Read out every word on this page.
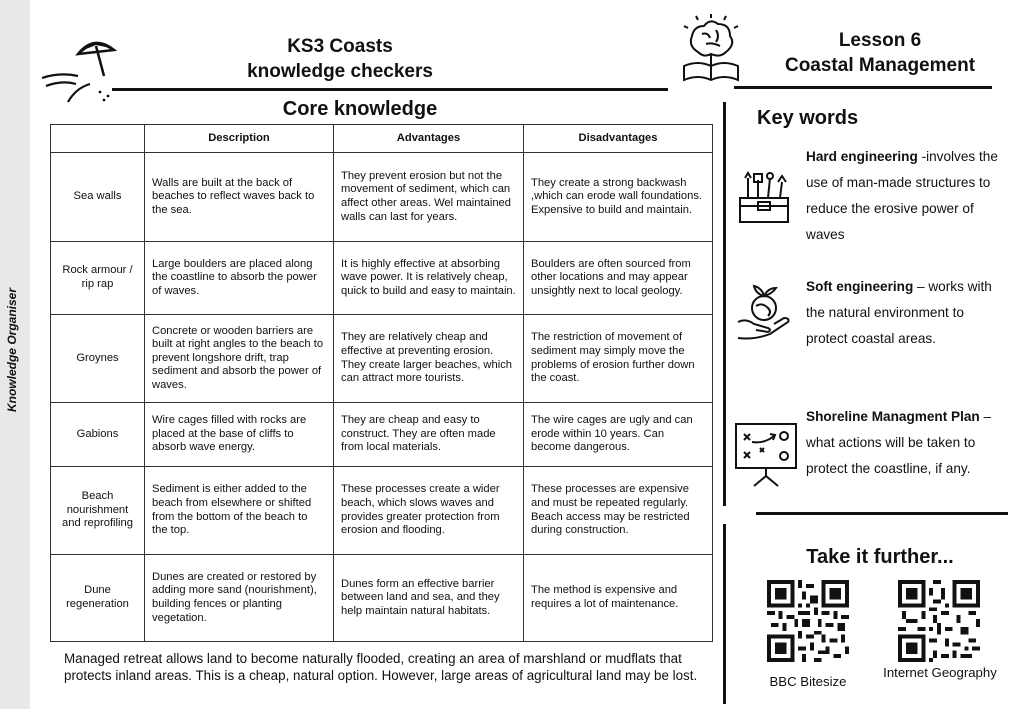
Knowledge Organiser
KS3 Coasts
knowledge checkers
Lesson 6
Coastal Management
Core knowledge
	Description	Advantages	Disadvantages
Sea walls	Walls are built at the back of beaches to reflect waves back to the sea.	They prevent erosion but not the movement of sediment, which can affect other areas. Wel maintained walls can last for years.	They create a strong backwash ,which can erode wall foundations. Expensive to build and maintain.
Rock armour / rip rap	Large boulders are placed along the coastline to absorb the power of waves.	It is highly effective at absorbing wave power. It is relatively cheap, quick to build and easy to maintain.	Boulders are often sourced from other locations and may appear unsightly next to local geology.
Groynes	Concrete or wooden barriers are built at right angles to the beach to prevent longshore drift, trap sediment and absorb the power of waves.	They are relatively cheap and effective at preventing erosion. They create larger beaches, which can attract more tourists.	The restriction of movement of sediment may simply move the problems of erosion further down the coast.
Gabions	Wire cages filled with rocks are placed at the base of cliffs to absorb wave energy.	They are cheap and easy to construct. They are often made from local materials.	The wire cages are ugly and can erode within 10 years. Can become dangerous.
Beach nourishment and reprofiling	Sediment is either added to the beach from elsewhere or shifted from the bottom of the beach to the top.	These processes create a wider beach, which slows waves and provides greater protection from erosion and flooding.	These processes are expensive and must be repeated regularly. Beach access may be restricted during construction.
Dune regeneration	Dunes are created or restored by adding more sand (nourishment), building fences or planting vegetation.	Dunes form an effective barrier between land and sea, and they help maintain natural habitats.	The method is expensive and requires a lot of maintenance.
Managed retreat allows land to become naturally flooded, creating an area of marshland or mudflats that protects inland areas. This is a cheap, natural option. However, large areas of agricultural land may be lost.
Key words
Hard engineering -involves the use of man-made structures to reduce the erosive power of waves
Soft engineering – works with the natural environment to protect coastal areas.
Shoreline Managment Plan – what actions will be taken to protect the coastline, if any.
Take it further...
BBC Bitesize
Internet Geography
